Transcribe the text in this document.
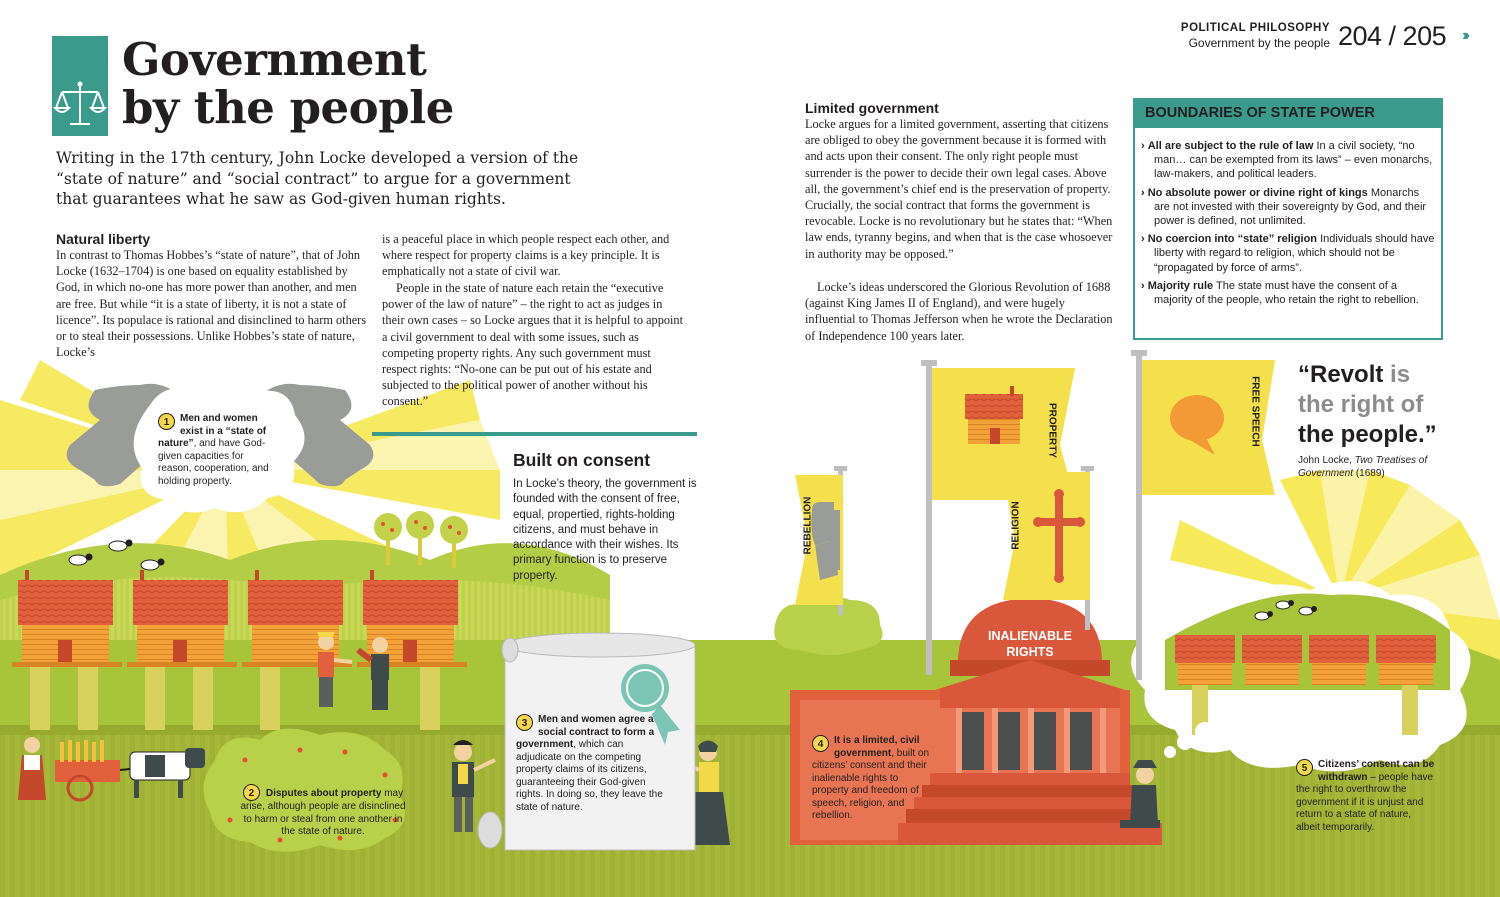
POLITICAL PHILOSOPHY
Government by the people 204 / 205 ›››
Government
by the people
Writing in the 17th century, John Locke developed a version of the “state of nature” and “social contract” to argue for a government that guarantees what he saw as God-given human rights.
Natural liberty
In contrast to Thomas Hobbes’s “state of nature”, that of John Locke (1632–1704) is one based on equality established by God, in which no-one has more power than another, and men are free. But while “it is a state of liberty, it is not a state of licence”. Its populace is rational and disinclined to harm others or to steal their possessions. Unlike Hobbes’s state of nature, Locke’s
is a peaceful place in which people respect each other, and where respect for property claims is a key principle. It is emphatically not a state of civil war.
People in the state of nature each retain the “executive power of the law of nature” – the right to act as judges in their own cases – so Locke argues that it is helpful to appoint a civil government to deal with some issues, such as competing property rights. Any such government must respect rights: “No-one can be put out of his estate and subjected to the political power of another without his consent.”
Built on consent
In Locke’s theory, the government is founded with the consent of free, equal, propertied, rights-holding citizens, and must behave in accordance with their wishes. Its primary function is to preserve property.
Limited government
Locke argues for a limited government, asserting that citizens are obliged to obey the government because it is formed with and acts upon their consent. The only right people must surrender is the power to decide their own legal cases. Above all, the government’s chief end is the preservation of property. Crucially, the social contract that forms the government is revocable. Locke is no revolutionary but he states that: “When law ends, tyranny begins, and when that is the case whosoever in authority may be opposed.”
Locke’s ideas underscored the Glorious Revolution of 1688 (against King James II of England), and were hugely influential to Thomas Jefferson when he wrote the Declaration of Independence 100 years later.
BOUNDARIES OF STATE POWER
› All are subject to the rule of law In a civil society, “no man… can be exempted from its laws” – even monarchs, law-makers, and political leaders.
› No absolute power or divine right of kings Monarchs are not invested with their sovereignty by God, and their power is defined, not unlimited.
› No coercion into “state” religion Individuals should have liberty with regard to religion, which should not be “propagated by force of arms”.
› Majority rule The state must have the consent of a majority of the people, who retain the right to rebellion.
“Revolt is
the right of
the people.”
John Locke, Two Treatises of Government (1689)
PROPERTY	FREE SPEECH
REBELLION	RELIGION
INALIENABLE RIGHTS
1	Men and women exist in a “state of nature”, and have God-given capacities for reason, cooperation, and holding property.
2 Disputes about property may arise, although people are disinclined to harm or steal from one another in the state of nature.
3	Men and women agree a social contract to form a government, which can adjudicate on the competing property claims of its citizens, guaranteeing their God-given rights. In doing so, they leave the state of nature.
4	It is a limited, civil government, built on citizens’ consent and their inalienable rights to property and freedom of speech, religion, and rebellion.
5	Citizens’ consent can be withdrawn – people have the right to overthrow the government if it is unjust and return to a state of nature, albeit temporarily.
